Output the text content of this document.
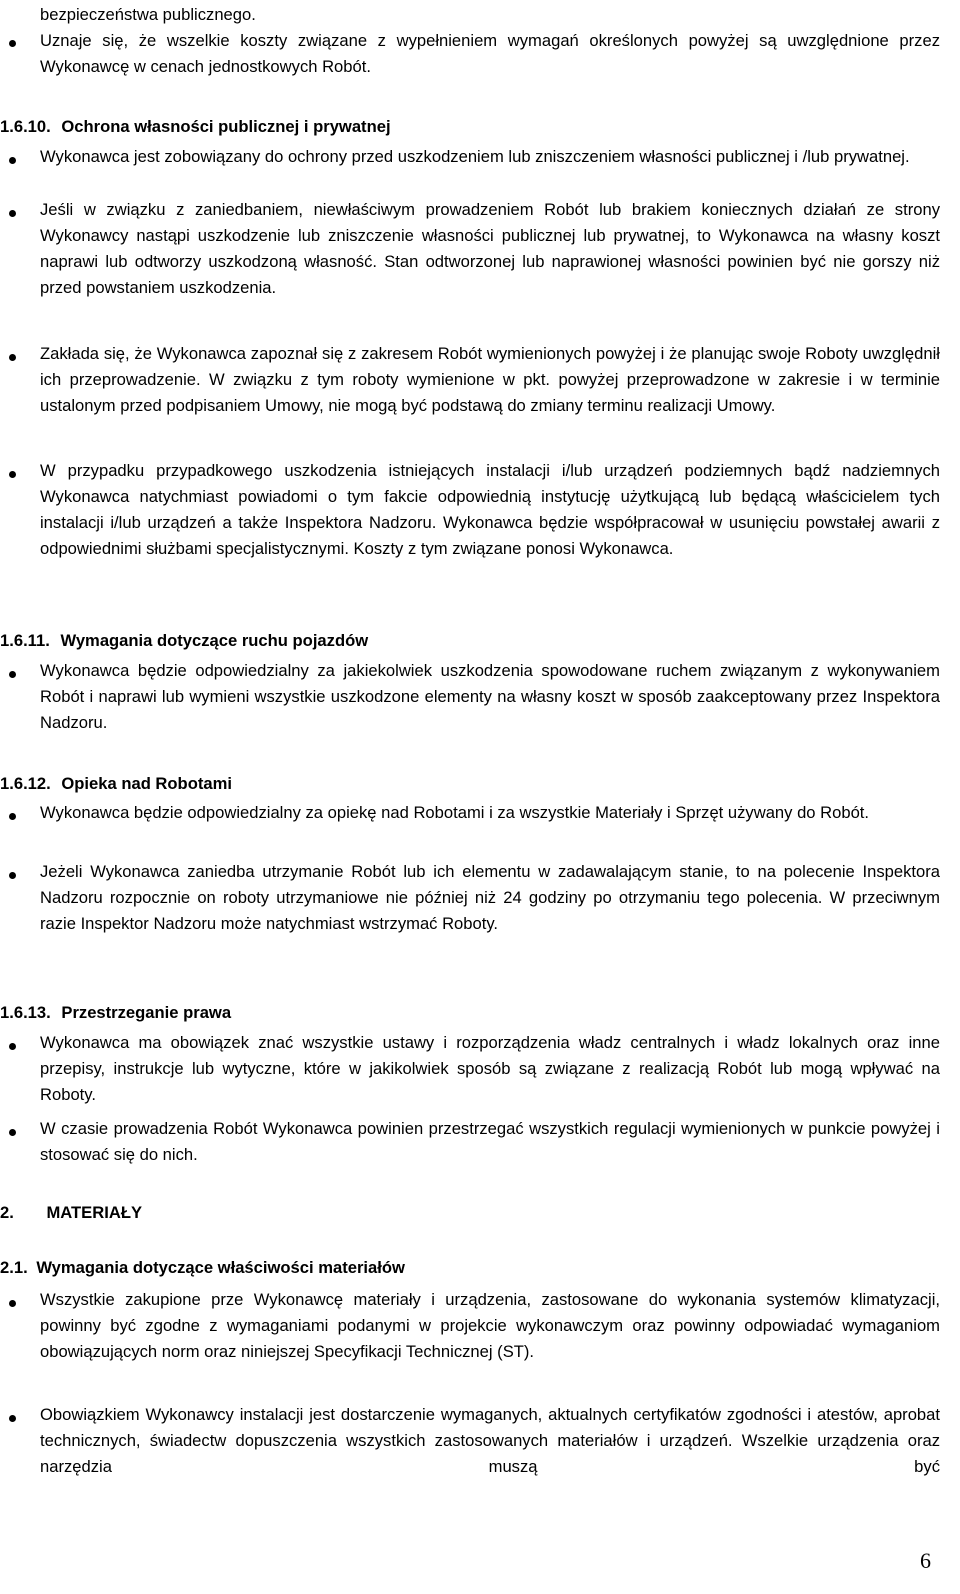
bezpieczeństwa publicznego.
Uznaje się, że wszelkie koszty związane z wypełnieniem wymagań określonych powyżej są uwzględnione przez Wykonawcę w cenach jednostkowych Robót.
1.6.10. Ochrona własności publicznej i prywatnej
Wykonawca jest zobowiązany do ochrony przed uszkodzeniem lub zniszczeniem własności publicznej i /lub prywatnej.
Jeśli w związku z zaniedbaniem, niewłaściwym prowadzeniem Robót lub brakiem koniecznych działań ze strony Wykonawcy nastąpi uszkodzenie lub zniszczenie własności publicznej lub prywatnej, to Wykonawca na własny koszt naprawi lub odtworzy uszkodzoną własność. Stan odtworzonej lub naprawionej własności powinien być nie gorszy niż przed powstaniem uszkodzenia.
Zakłada się, że Wykonawca zapoznał się z zakresem Robót wymienionych powyżej i że planując swoje Roboty uwzględnił ich przeprowadzenie. W związku z tym roboty wymienione w pkt. powyżej przeprowadzone w zakresie i w terminie ustalonym przed podpisaniem Umowy, nie mogą być podstawą do zmiany terminu realizacji Umowy.
W przypadku przypadkowego uszkodzenia istniejących instalacji i/lub urządzeń podziemnych bądź nadziemnych Wykonawca natychmiast powiadomi o tym fakcie odpowiednią instytucję użytkującą lub będącą właścicielem tych instalacji i/lub urządzeń a także Inspektora Nadzoru. Wykonawca będzie współpracował w usunięciu powstałej awarii z odpowiednimi służbami specjalistycznymi. Koszty z tym związane ponosi Wykonawca.
1.6.11. Wymagania dotyczące ruchu pojazdów
Wykonawca będzie odpowiedzialny za jakiekolwiek uszkodzenia spowodowane ruchem związanym z wykonywaniem Robót i naprawi lub wymieni wszystkie uszkodzone elementy na własny koszt w sposób zaakceptowany przez Inspektora Nadzoru.
1.6.12. Opieka nad Robotami
Wykonawca będzie odpowiedzialny za opiekę nad Robotami i za wszystkie Materiały i Sprzęt używany do Robót.
Jeżeli Wykonawca zaniedba utrzymanie Robót lub ich elementu w zadawalającym stanie, to na polecenie Inspektora Nadzoru rozpocznie on roboty utrzymaniowe nie później niż 24 godziny po otrzymaniu tego polecenia. W przeciwnym razie Inspektor Nadzoru może natychmiast wstrzymać Roboty.
1.6.13. Przestrzeganie prawa
Wykonawca ma obowiązek znać wszystkie ustawy i rozporządzenia władz centralnych i władz lokalnych oraz inne przepisy, instrukcje lub wytyczne, które w jakikolwiek sposób są związane z realizacją Robót lub mogą wpływać na Roboty.
W czasie prowadzenia Robót Wykonawca powinien przestrzegać wszystkich regulacji wymienionych w punkcie powyżej i stosować się do nich.
2. MATERIAŁY
2.1. Wymagania dotyczące właściwości materiałów
Wszystkie zakupione prze Wykonawcę materiały i urządzenia, zastosowane do wykonania systemów klimatyzacji, powinny być zgodne z wymaganiami podanymi w projekcie wykonawczym oraz powinny odpowiadać wymaganiom obowiązujących norm oraz niniejszej Specyfikacji Technicznej (ST).
Obowiązkiem Wykonawcy instalacji jest dostarczenie wymaganych, aktualnych certyfikatów zgodności i atestów, aprobat technicznych, świadectw dopuszczenia wszystkich zastosowanych materiałów i urządzeń. Wszelkie urządzenia oraz narzędzia muszą być
6
